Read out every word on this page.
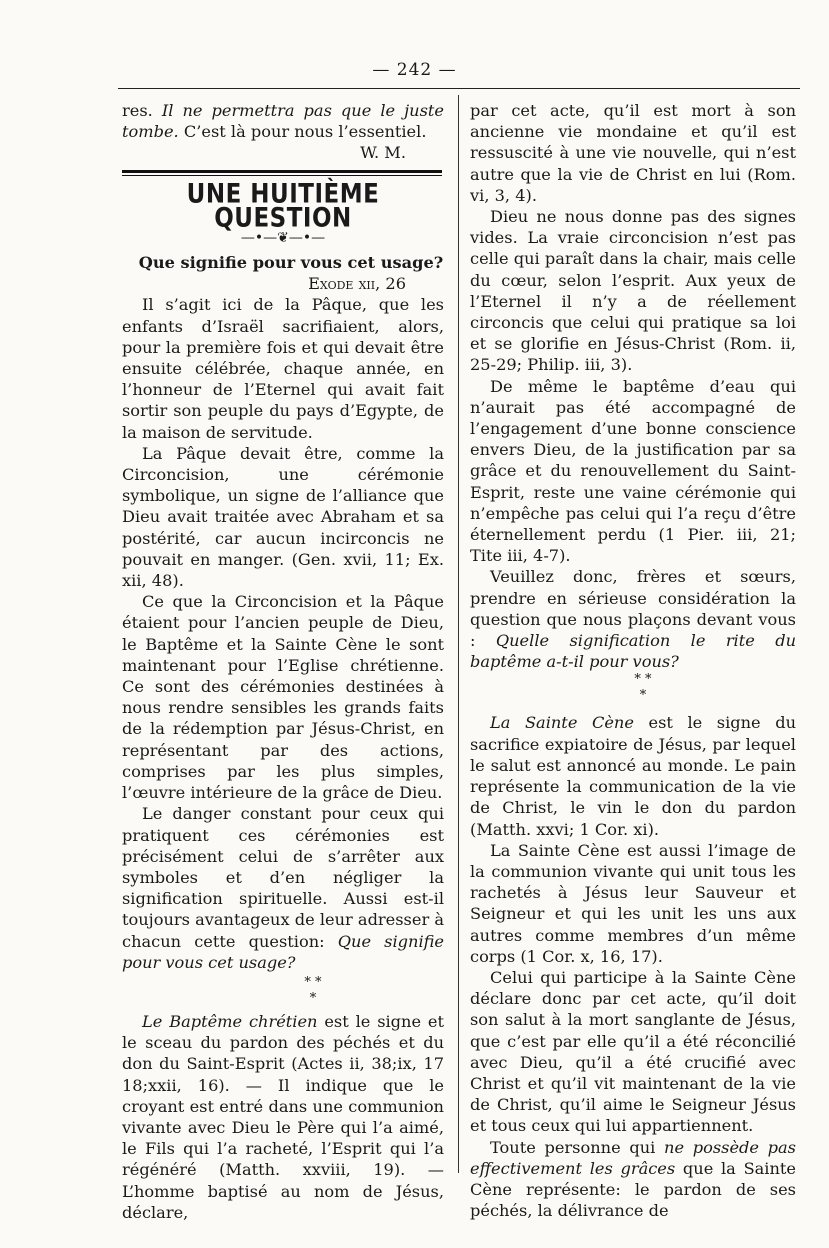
— 242 —

res. Il ne permettra pas que le juste tombe. C’est là pour nous l’essentiel.

W. M.

UNE HUITIÈME QUESTION
—•—❦—•—

Que signifie pour vous cet usage?

Exode xii, 26

Il s’agit ici de la Pâque, que les enfants d’Israël sacrifiaient, alors, pour la première fois et qui devait être ensuite célébrée, chaque année, en l’honneur de l’Eternel qui avait fait sortir son peuple du pays d’Egypte, de la maison de servitude.

La Pâque devait être, comme la Circoncision, une cérémonie symbolique, un signe de l’alliance que Dieu avait traitée avec Abraham et sa postérité, car aucun incirconcis ne pouvait en manger. (Gen. xvii, 11; Ex. xii, 48).

Ce que la Circoncision et la Pâque étaient pour l’ancien peuple de Dieu, le Baptême et la Sainte Cène le sont maintenant pour l’Eglise chrétienne. Ce sont des cérémonies destinées à nous rendre sensibles les grands faits de la rédemption par Jésus-Christ, en représentant par des actions, comprises par les plus simples, l’œuvre intérieure de la grâce de Dieu.

Le danger constant pour ceux qui pratiquent ces cérémonies est précisément celui de s’arrêter aux symboles et d’en négliger la signification spirituelle. Aussi est-il toujours avantageux de leur adresser à chacun cette question: Que signifie pour vous cet usage?

* *
*

Le Baptême chrétien est le signe et le sceau du pardon des péchés et du don du Saint-Esprit (Actes ii, 38;ix, 17 18;xxii, 16). — Il indique que le croyant est entré dans une communion vivante avec Dieu le Père qui l’a aimé, le Fils qui l’a racheté, l’Esprit qui l’a régénéré (Matth. xxviii, 19). — L’homme baptisé au nom de Jésus, déclare,

par cet acte, qu’il est mort à son ancienne vie mondaine et qu’il est ressuscité à une vie nouvelle, qui n’est autre que la vie de Christ en lui (Rom. vi, 3, 4).

Dieu ne nous donne pas des signes vides. La vraie circoncision n’est pas celle qui paraît dans la chair, mais celle du cœur, selon l’esprit. Aux yeux de l’Eternel il n’y a de réellement circoncis que celui qui pratique sa loi et se glorifie en Jésus-Christ (Rom. ii, 25-29; Philip. iii, 3).

De même le baptême d’eau qui n’aurait pas été accompagné de l’engagement d’une bonne conscience envers Dieu, de la justification par sa grâce et du renouvellement du Saint-Esprit, reste une vaine cérémonie qui n’empêche pas celui qui l’a reçu d’être éternellement perdu (1 Pier. iii, 21; Tite iii, 4-7).

Veuillez donc, frères et sœurs, prendre en sérieuse considération la question que nous plaçons devant vous : Quelle signification le rite du baptême a-t-il pour vous?

* *
*

La Sainte Cène est le signe du sacrifice expiatoire de Jésus, par lequel le salut est annoncé au monde. Le pain représente la communication de la vie de Christ, le vin le don du pardon (Matth. xxvi; 1 Cor. xi).

La Sainte Cène est aussi l’image de la communion vivante qui unit tous les rachetés à Jésus leur Sauveur et Seigneur et qui les unit les uns aux autres comme membres d’un même corps (1 Cor. x, 16, 17).

Celui qui participe à la Sainte Cène déclare donc par cet acte, qu’il doit son salut à la mort sanglante de Jésus, que c’est par elle qu’il a été réconcilié avec Dieu, qu’il a été crucifié avec Christ et qu’il vit maintenant de la vie de Christ, qu’il aime le Seigneur Jésus et tous ceux qui lui appartiennent.

Toute personne qui ne possède pas effectivement les grâces que la Sainte Cène représente: le pardon de ses péchés, la délivrance de
